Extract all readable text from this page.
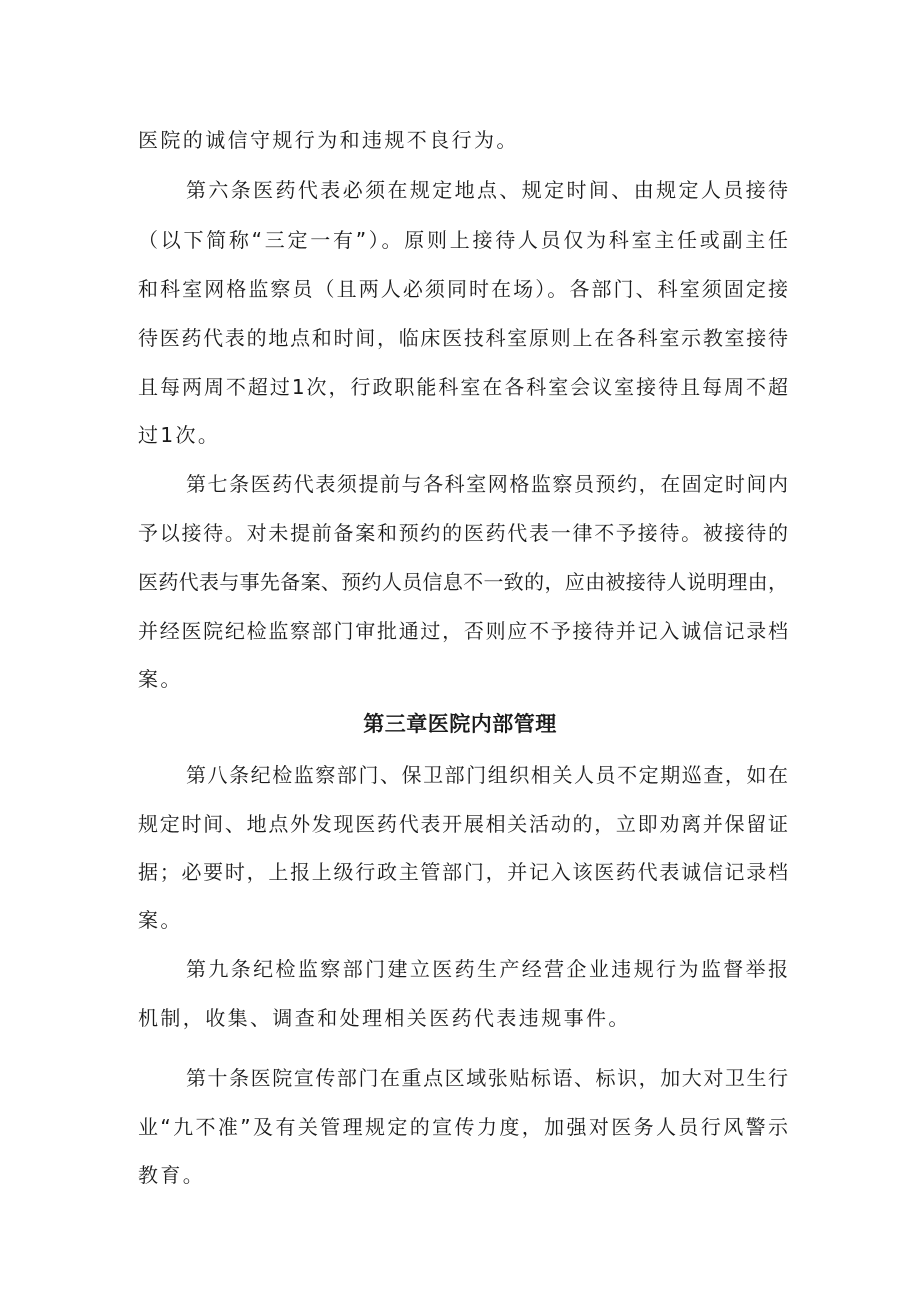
医院的诚信守规行为和违规不良行为。
第六条医药代表必须在规定地点、规定时间、由规定人员接待
（以下简称“三定一有”）。原则上接待人员仅为科室主任或副主任
和科室网格监察员（且两人必须同时在场）。各部门、科室须固定接
待医药代表的地点和时间，临床医技科室原则上在各科室示教室接待
且每两周不超过1次，行政职能科室在各科室会议室接待且每周不超
过1次。
第七条医药代表须提前与各科室网格监察员预约，在固定时间内
予以接待。对未提前备案和预约的医药代表一律不予接待。被接待的
医药代表与事先备案、预约人员信息不一致的，应由被接待人说明理由，
并经医院纪检监察部门审批通过，否则应不予接待并记入诚信记录档
案。
第三章医院内部管理
第八条纪检监察部门、保卫部门组织相关人员不定期巡查，如在
规定时间、地点外发现医药代表开展相关活动的，立即劝离并保留证
据；必要时，上报上级行政主管部门，并记入该医药代表诚信记录档
案。
第九条纪检监察部门建立医药生产经营企业违规行为监督举报
机制，收集、调查和处理相关医药代表违规事件。
第十条医院宣传部门在重点区域张贴标语、标识，加大对卫生行
业“九不准”及有关管理规定的宣传力度，加强对医务人员行风警示
教育。
